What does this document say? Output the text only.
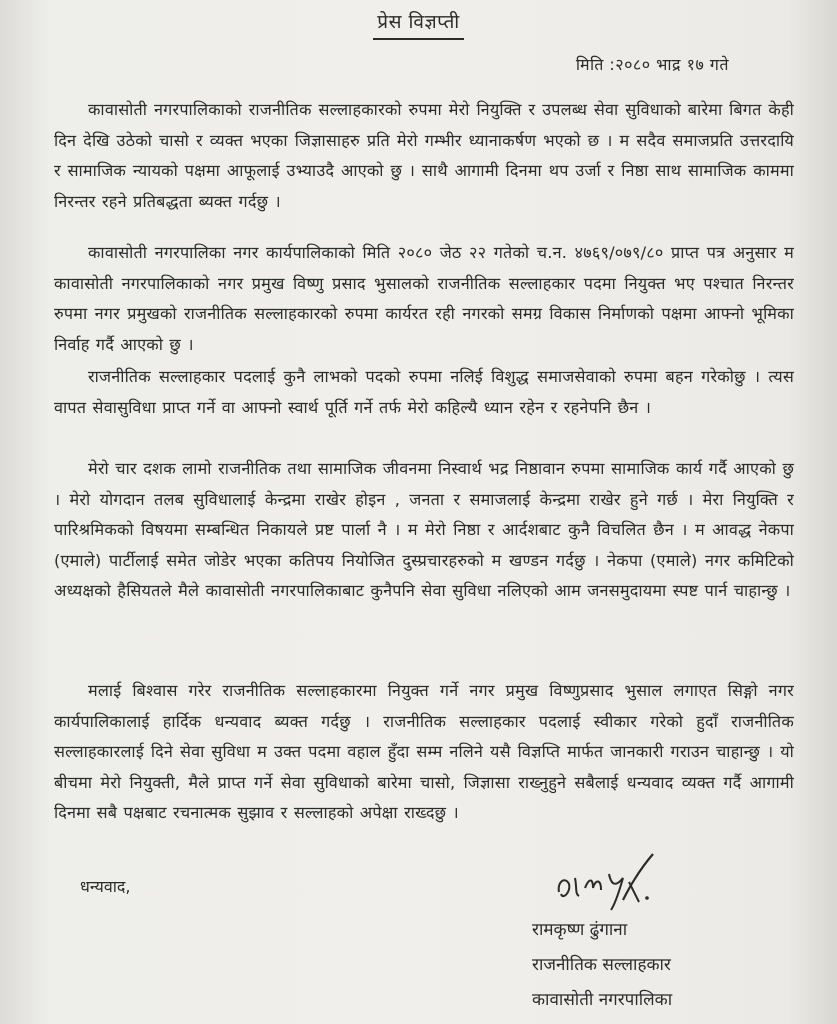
प्रेस विज्ञप्ती
मिति :२०८० भाद्र १७ गते
कावासोती नगरपालिकाको राजनीतिक सल्लाहकारको रुपमा मेरो नियुक्ति र उपलब्ध सेवा सुविधाको बारेमा बिगत केही दिन देखि उठेको चासो र व्यक्त भएका जिज्ञासाहरु प्रति मेरो गम्भीर ध्यानाकर्षण भएको छ । म सदैव समाजप्रति उत्तरदायि र सामाजिक न्यायको पक्षमा आफूलाई उभ्याउदै आएको छु । साथै आगामी दिनमा थप उर्जा र निष्ठा साथ सामाजिक काममा निरन्तर रहने प्रतिबद्धता ब्यक्त गर्दछु ।
कावासोती नगरपालिका नगर कार्यपालिकाको मिति २०८० जेठ २२ गतेको च.न. ४७६९/०७९/८० प्राप्त पत्र अनुसार म कावासोती नगरपालिकाको नगर प्रमुख विष्णु प्रसाद भुसालको राजनीतिक सल्लाहकार पदमा नियुक्त भए पश्चात निरन्तर रुपमा नगर प्रमुखको राजनीतिक सल्लाहकारको रुपमा कार्यरत रही नगरको समग्र विकास निर्माणको पक्षमा आफ्नो भूमिका निर्वाह गर्दै आएको छु ।
राजनीतिक सल्लाहकार पदलाई कुनै लाभको पदको रुपमा नलिई विशुद्ध समाजसेवाको रुपमा बहन गरेकोछु । त्यस वापत सेवासुविधा प्राप्त गर्ने वा आफ्नो स्वार्थ पूर्ति गर्ने तर्फ मेरो कहिल्यै ध्यान रहेन र रहनेपनि छैन ।
मेरो चार दशक लामो राजनीतिक तथा सामाजिक जीवनमा निस्वार्थ भद्र निष्ठावान रुपमा सामाजिक कार्य गर्दै आएको छु । मेरो योगदान तलब सुविधालाई केन्द्रमा राखेर होइन , जनता र समाजलाई केन्द्रमा राखेर हुने गर्छ । मेरा नियुक्ति र पारिश्रमिकको विषयमा सम्बन्धित निकायले प्रष्ट पार्ला नै । म मेरो निष्ठा र आर्दशबाट कुनै विचलित छैन । म आवद्ध नेकपा (एमाले) पार्टीलाई समेत जोडेर भएका कतिपय नियोजित दुस्प्रचारहरुको म खण्डन गर्दछु । नेकपा (एमाले) नगर कमिटिको अध्यक्षको हैसियतले मैले कावासोती नगरपालिकाबाट कुनैपनि सेवा सुविधा नलिएको आम जनसमुदायमा स्पष्ट पार्न चाहान्छु ।
मलाई बिश्वास गरेर राजनीतिक सल्लाहकारमा नियुक्त गर्ने नगर प्रमुख विष्णुप्रसाद भुसाल लगाएत सिङ्गो नगर कार्यपालिकालाई हार्दिक धन्यवाद ब्यक्त गर्दछु । राजनीतिक सल्लाहकार पदलाई स्वीकार गरेको हुदाँ राजनीतिक सल्लाहकारलाई दिने सेवा सुविधा म उक्त पदमा वहाल हुँदा सम्म नलिने यसै विज्ञप्ति मार्फत जानकारी गराउन चाहान्छु । यो बीचमा मेरो नियुक्ती, मैले प्राप्त गर्ने सेवा सुविधाको बारेमा चासो, जिज्ञासा राख्नुहुने सबैलाई धन्यवाद व्यक्त गर्दै आगामी दिनमा सबै पक्षबाट रचनात्मक सुझाव र सल्लाहको अपेक्षा राख्दछु ।
धन्यवाद,
रामकृष्ण ढुंगाना
राजनीतिक सल्लाहकार
कावासोती नगरपालिका
